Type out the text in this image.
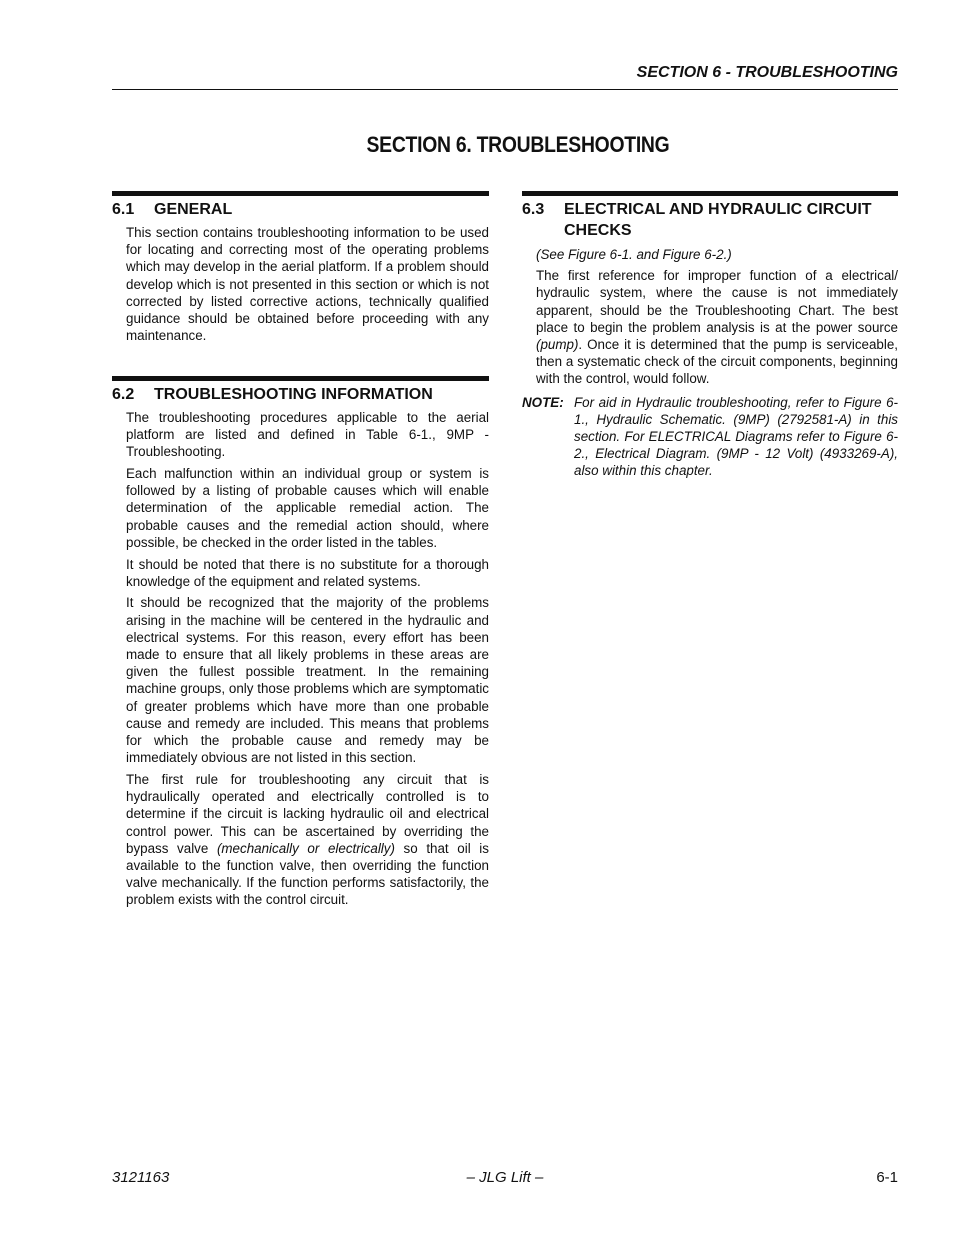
SECTION 6 - TROUBLESHOOTING
SECTION 6. TROUBLESHOOTING
6.1	GENERAL

This section contains troubleshooting information to be used for locating and correcting most of the operating problems which may develop in the aerial platform. If a problem should develop which is not presented in this section or which is not corrected by listed corrective actions, technically qualified guidance should be obtained before proceeding with any maintenance.

6.2	TROUBLESHOOTING INFORMATION

The troubleshooting procedures applicable to the aerial platform are listed and defined in Table 6-1., 9MP - Troubleshooting.

Each malfunction within an individual group or system is followed by a listing of probable causes which will enable determination of the applicable remedial action. The probable causes and the remedial action should, where possible, be checked in the order listed in the tables.

It should be noted that there is no substitute for a thorough knowledge of the equipment and related systems.

It should be recognized that the majority of the problems arising in the machine will be centered in the hydraulic and electrical systems. For this reason, every effort has been made to ensure that all likely problems in these areas are given the fullest possible treatment. In the remaining machine groups, only those problems which are symptomatic of greater problems which have more than one probable cause and remedy are included. This means that problems for which the probable cause and remedy may be immediately obvious are not listed in this section.

The first rule for troubleshooting any circuit that is hydraulically operated and electrically controlled is to determine if the circuit is lacking hydraulic oil and electrical control power. This can be ascertained by overriding the bypass valve (mechanically or electrically) so that oil is available to the function valve, then overriding the function valve mechanically. If the function performs satisfactorily, the problem exists with the control circuit.

6.3	ELECTRICAL AND HYDRAULIC CIRCUIT CHECKS

(See Figure 6-1. and Figure 6-2.)

The first reference for improper function of a electrical/ hydraulic system, where the cause is not immediately apparent, should be the Troubleshooting Chart. The best place to begin the problem analysis is at the power source (pump). Once it is determined that the pump is serviceable, then a systematic check of the circuit components, beginning with the control, would follow.

NOTE: For aid in Hydraulic troubleshooting, refer to Figure 6-1., Hydraulic Schematic. (9MP) (2792581-A) in this section. For ELECTRICAL Diagrams refer to Figure 6-2., Electrical Diagram. (9MP - 12 Volt) (4933269-A), also within this chapter.
3121163	– JLG Lift –	6-1
